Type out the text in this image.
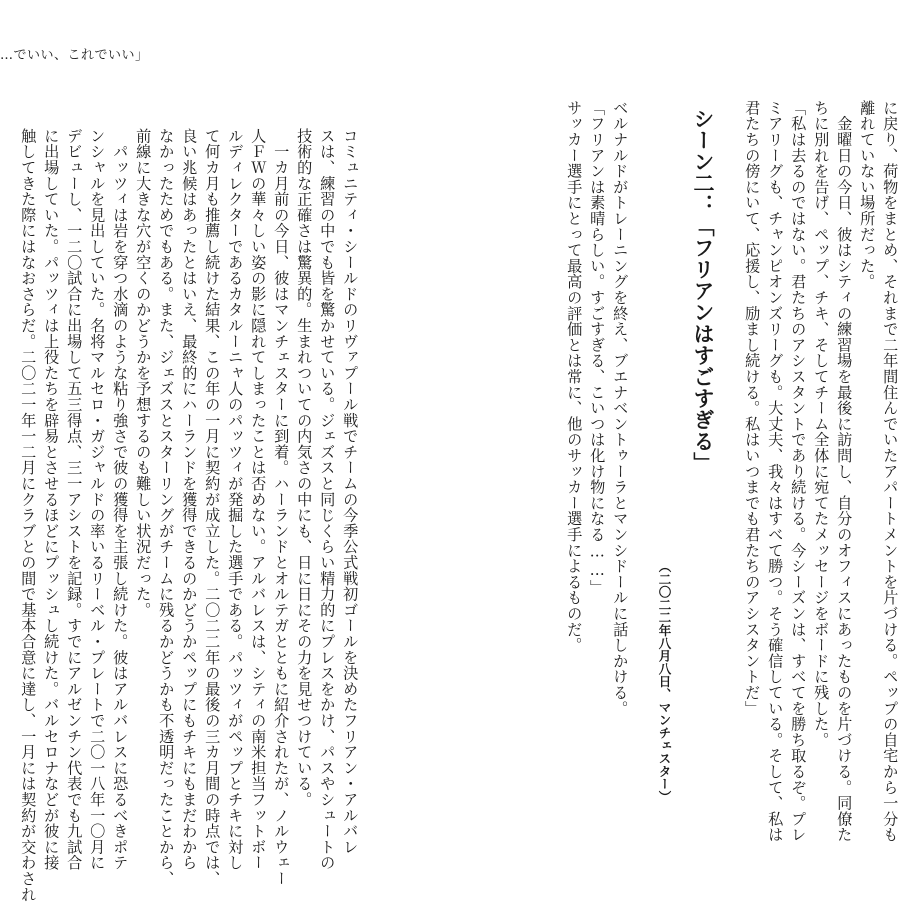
…でいい、これでいい」
に戻り、荷物をまとめ、それまで二年間住んでいたアパートメントを片づける。ペップの自宅から一分も
離れていない場所だった。
　金曜日の今日、彼はシティの練習場を最後に訪問し、自分のオフィスにあったものを片づける。同僚た
ちに別れを告げ、ペップ、チキ、そしてチーム全体に宛てたメッセージをボードに残した。
「私は去るのではない。君たちのアシスタントであり続ける。今シーズンは、すべてを勝ち取るぞ。プレ
ミアリーグも、チャンピオンズリーグも。大丈夫、我々はすべて勝つ。そう確信している。そして、私は
君たちの傍にいて、応援し、励まし続ける。私はいつまでも君たちのアシスタントだ」
シーン二：「フリアンはすごすぎる」
（二〇二二年八月八日、マンチェスター）
ベルナルドがトレーニングを終え、ブエナベントゥーラとマンシドールに話しかける。
「フリアンは素晴らしい。すごすぎる、こいつは化け物になる……」
サッカー選手にとって最高の評価とは常に、他のサッカー選手によるものだ。
コミュニティ・シールドのリヴァプール戦でチームの今季公式戦初ゴールを決めたフリアン・アルバレ
スは、練習の中でも皆を驚かせている。ジェズスと同じくらい精力的にプレスをかけ、パスやシュートの
技術的な正確さは驚異的。生まれついての内気さの中にも、日に日にその力を見せつけている。
　一カ月前の今日、彼はマンチェスターに到着。ハーランドとオルテガとともに紹介されたが、ノルウェー
人ＦＷの華々しい姿の影に隠れてしまったことは否めない。アルバレスは、シティの南米担当フットボー
ルディレクターであるカタルーニャ人のパッツィが発掘した選手である。パッツィがペップとチキに対し
て何カ月も推薦し続けた結果、この年の一月に契約が成立した。二〇二二年の最後の三カ月間の時点では、
良い兆候はあったとはいえ、最終的にハーランドを獲得できるのかどうかペップにもチキにもまだわから
なかったためでもある。また、ジェズスとスターリングがチームに残るかどうかも不透明だったことから、
前線に大きな穴が空くのかどうかを予想するのも難しい状況だった。
　パッツィは岩を穿つ水滴のような粘り強さで彼の獲得を主張し続けた。彼はアルバレスに恐るべきポテ
ンシャルを見出していた。名将マルセロ・ガジャルドの率いるリーベル・プレートで二〇一八年一〇月に
デビューし、一二〇試合に出場して五三得点、三一アシストを記録。すでにアルゼンチン代表でも九試合
に出場していた。パッツィは上役たちを辟易とさせるほどにプッシュし続けた。バルセロナなどが彼に接
触してきた際にはなおさらだ。二〇二一年一二月にクラブとの間で基本合意に達し、一月には契約が交わされ
